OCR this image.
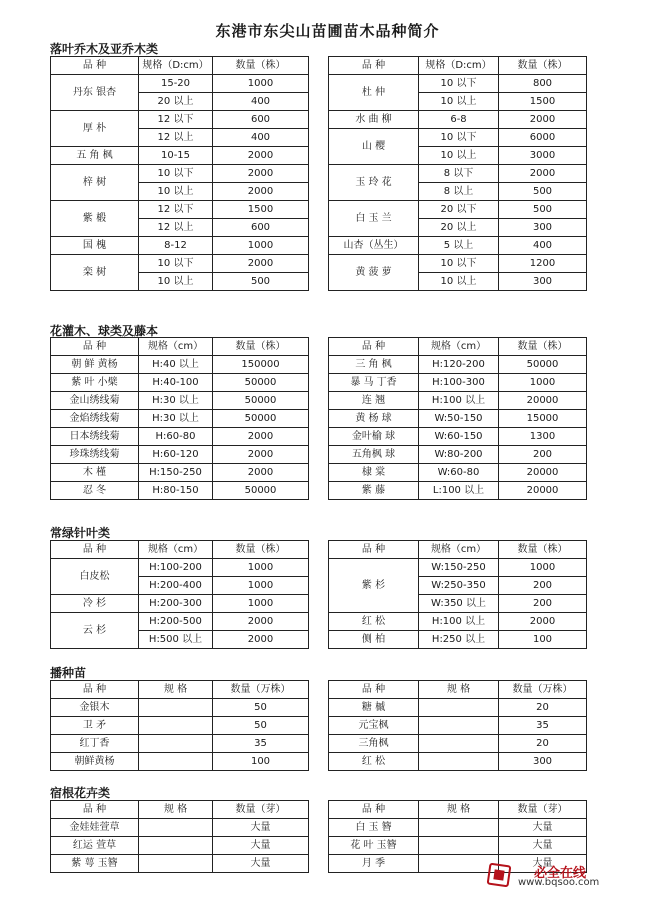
东港市东尖山苗圃苗木品种简介
落叶乔木及亚乔木类
品 种	规格（D:cm）	数量（株）		品 种	规格（D:cm）	数量（株）
丹东 银杏	15-20	1000		杜 仲	10 以下	800
	20 以上	400			10 以上	1500
厚 朴	12 以下	600		水 曲 柳	6-8	2000
	12 以上	400		山 樱	10 以下	6000
五 角 枫	10-15	2000			10 以上	3000
梓 树	10 以下	2000		玉 玲 花	8 以下	2000
	10 以上	2000			8 以上	500
紫 椴	12 以下	1500		白 玉 兰	20 以下	500
	12 以上	600			20 以上	300
国 槐	8-12	1000		山杏（丛生）	5 以上	400
栾 树	10 以下	2000		黄 菠 萝	10 以下	1200
	10 以上	500			10 以上	300
花灌木、球类及藤本
品 种	规格（cm）	数量（株）		品 种	规格（cm）	数量（株）
朝 鲜 黄杨	H:40 以上	150000		三 角 枫	H:120-200	50000
紫 叶 小檗	H:40-100	50000		暴 马 丁香	H:100-300	1000
金山绣线菊	H:30 以上	50000		连 翘	H:100 以上	20000
金焰绣线菊	H:30 以上	50000		黄 杨 球	W:50-150	15000
日本绣线菊	H:60-80	2000		金叶榆 球	W:60-150	1300
珍珠绣线菊	H:60-120	2000		五角枫 球	W:80-200	200
木 槿	H:150-250	2000		棣 棠	W:60-80	20000
忍 冬	H:80-150	50000		紫 藤	L:100 以上	20000
常绿针叶类
品 种	规格（cm）	数量（株）		品 种	规格（cm）	数量（株）
白皮松	H:100-200	1000		紫 杉	W:150-250	1000
	H:200-400	1000			W:250-350	200
冷 杉	H:200-300	1000			W:350 以上	200
云 杉	H:200-500	2000		红 松	H:100 以上	2000
	H:500 以上	2000		侧 柏	H:250 以上	100
播种苗
品 种	规 格	数量（万株）		品 种	规 格	数量（万株）
金银木		50		糖 槭		20
卫 矛		50		元宝枫		35
红丁香		35		三角枫		20
朝鲜黄杨		100		红 松		300
宿根花卉类
品 种	规 格	数量（芽）		品 种	规 格	数量（芽）
金娃娃萱草		大量		白 玉 簪		大量
红运 萱草		大量		花 叶 玉簪		大量
紫 萼 玉簪		大量		月 季		大量
必全在线
www.bqsoo.com
